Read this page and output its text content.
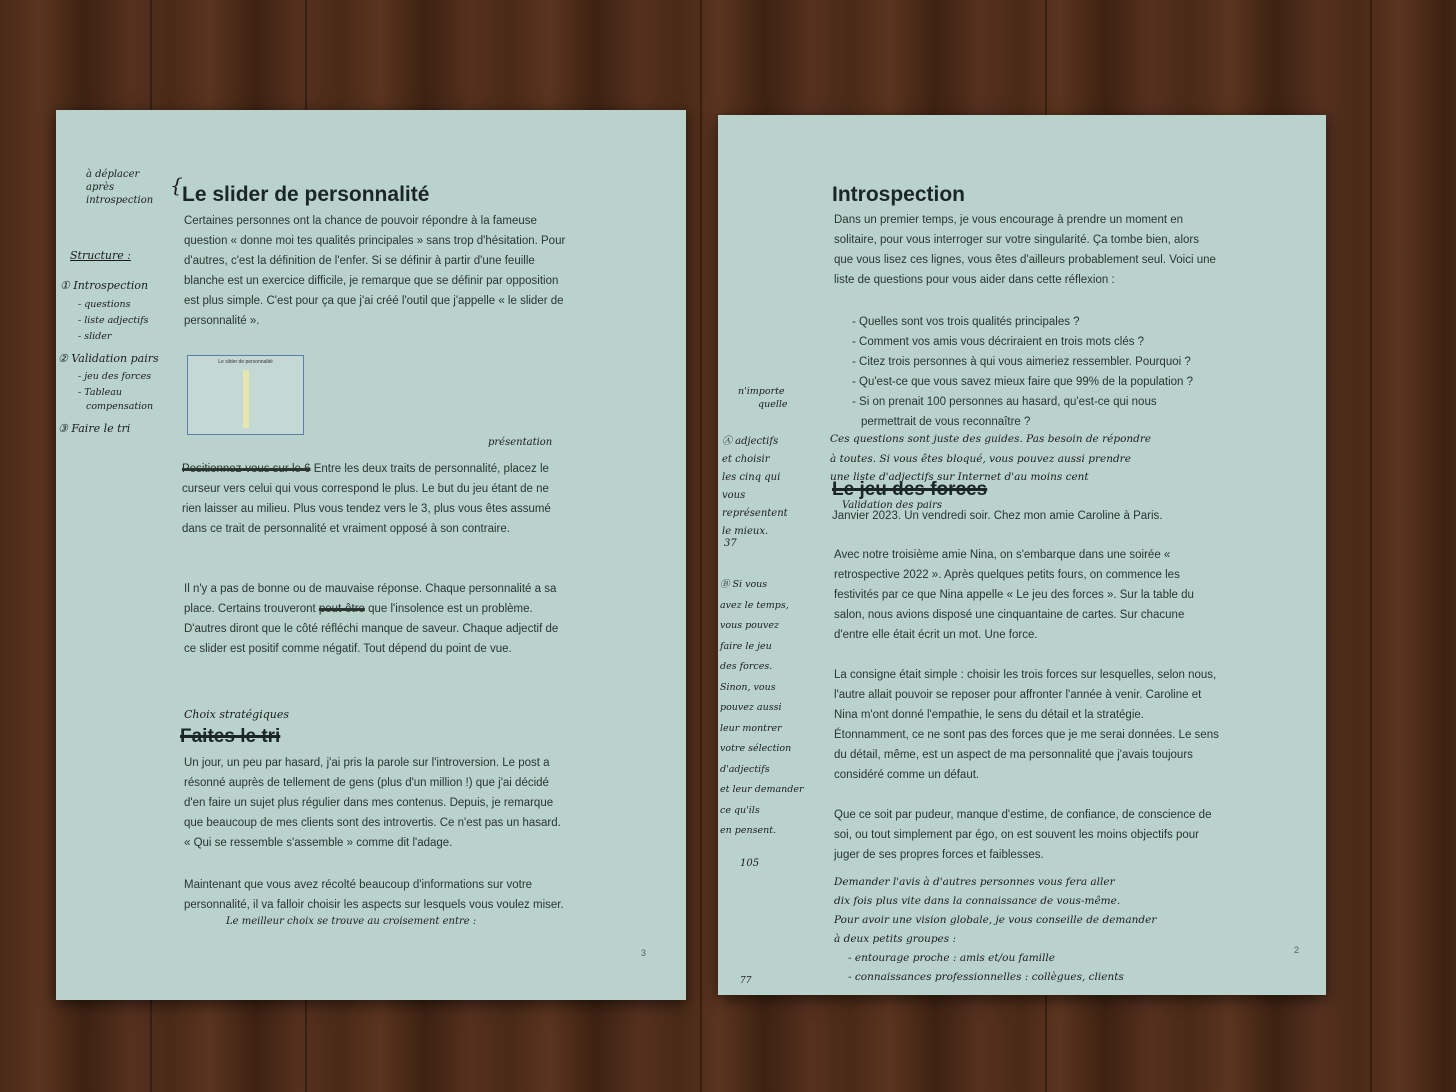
à déplacer
après
introspection
{ Le slider de personnalité

Certaines personnes ont la chance de pouvoir répondre à la fameuse question « donne moi tes qualités principales » sans trop d'hésitation. Pour d'autres, c'est la définition de l'enfer. Si se définir à partir d'une feuille blanche est un exercice difficile, je remarque que se définir par opposition est plus simple. C'est pour ça que j'ai créé l'outil que j'appelle « le slider de personnalité ».

Structure :
① Introspection
- questions
- liste adjectifs
- slider
② Validation pairs
- jeu des forces
- Tableau
compensation
③ Faire le tri
Le slider de personnalité
présentation
Positionnez-vous sur le 6 Entre les deux traits de personnalité, placez le curseur vers celui qui vous correspond le plus. Le but du jeu étant de ne rien laisser au milieu. Plus vous tendez vers le 3, plus vous êtes assumé dans ce trait de personnalité et vraiment opposé à son contraire.
Il n'y a pas de bonne ou de mauvaise réponse. Chaque personnalité a sa place. Certains trouveront peut-être que l'insolence est un problème. D'autres diront que le côté réfléchi manque de saveur. Chaque adjectif de ce slider est positif comme négatif. Tout dépend du point de vue.
Choix stratégiques
Faites le tri

Un jour, un peu par hasard, j'ai pris la parole sur l'introversion. Le post a résonné auprès de tellement de gens (plus d'un million !) que j'ai décidé d'en faire un sujet plus régulier dans mes contenus. Depuis, je remarque que beaucoup de mes clients sont des introvertis. Ce n'est pas un hasard. « Qui se ressemble s'assemble » comme dit l'adage.

Maintenant que vous avez récolté beaucoup d'informations sur votre personnalité, il va falloir choisir les aspects sur lesquels vous voulez miser.

Le meilleur choix se trouve au croisement entre :
3
Introspection

Dans un premier temps, je vous encourage à prendre un moment en solitaire, pour vous interroger sur votre singularité. Ça tombe bien, alors que vous lisez ces lignes, vous êtes d'ailleurs probablement seul. Voici une liste de questions pour vous aider dans cette réflexion :

- Quelles sont vos trois qualités principales ?
- Comment vos amis vous décriraient en trois mots clés ?
- Citez trois personnes à qui vous aimeriez ressembler. Pourquoi ?
- Qu'est-ce que vous savez mieux faire que 99% de la population ?
- Si on prenait 100 personnes au hasard, qu'est-ce qui nous
permettrait de vous reconnaître ?
n'importe
quelle
Ⓐ adjectifs
et choisir
les cinq qui
vous représentent
le mieux.
37
Ces questions sont juste des guides. Pas besoin de répondre
à toutes. Si vous êtes bloqué, vous pouvez aussi prendre
une liste d'adjectifs sur Internet d'au moins cent
Le jeu des forces
Validation des pairs

Janvier 2023. Un vendredi soir. Chez mon amie Caroline à Paris.

Avec notre troisième amie Nina, on s'embarque dans une soirée « retrospective 2022 ». Après quelques petits fours, on commence les festivités par ce que Nina appelle « Le jeu des forces ». Sur la table du salon, nous avions disposé une cinquantaine de cartes. Sur chacune d'entre elle était écrit un mot. Une force.

La consigne était simple : choisir les trois forces sur lesquelles, selon nous, l'autre allait pouvoir se reposer pour affronter l'année à venir. Caroline et Nina m'ont donné l'empathie, le sens du détail et la stratégie. Étonnamment, ce ne sont pas des forces que je me serai données. Le sens du détail, même, est un aspect de ma personnalité que j'avais toujours considéré comme un défaut.

Que ce soit par pudeur, manque d'estime, de confiance, de conscience de soi, ou tout simplement par égo, on est souvent les moins objectifs pour juger de ses propres forces et faiblesses.

Ⓑ Si vous
avez le temps,
vous pouvez
faire le jeu
des forces.
Sinon, vous
pouvez aussi
leur montrer
votre sélection
d'adjectifs
et leur demander
ce qu'ils
en pensent.
105
Demander l'avis à d'autres personnes vous fera aller
dix fois plus vite dans la connaissance de vous-même.
Pour avoir une vision globale, je vous conseille de demander
à deux petits groupes :
- entourage proche : amis et/ou famille
- connaissances professionnelles : collègues, clients
77
2
